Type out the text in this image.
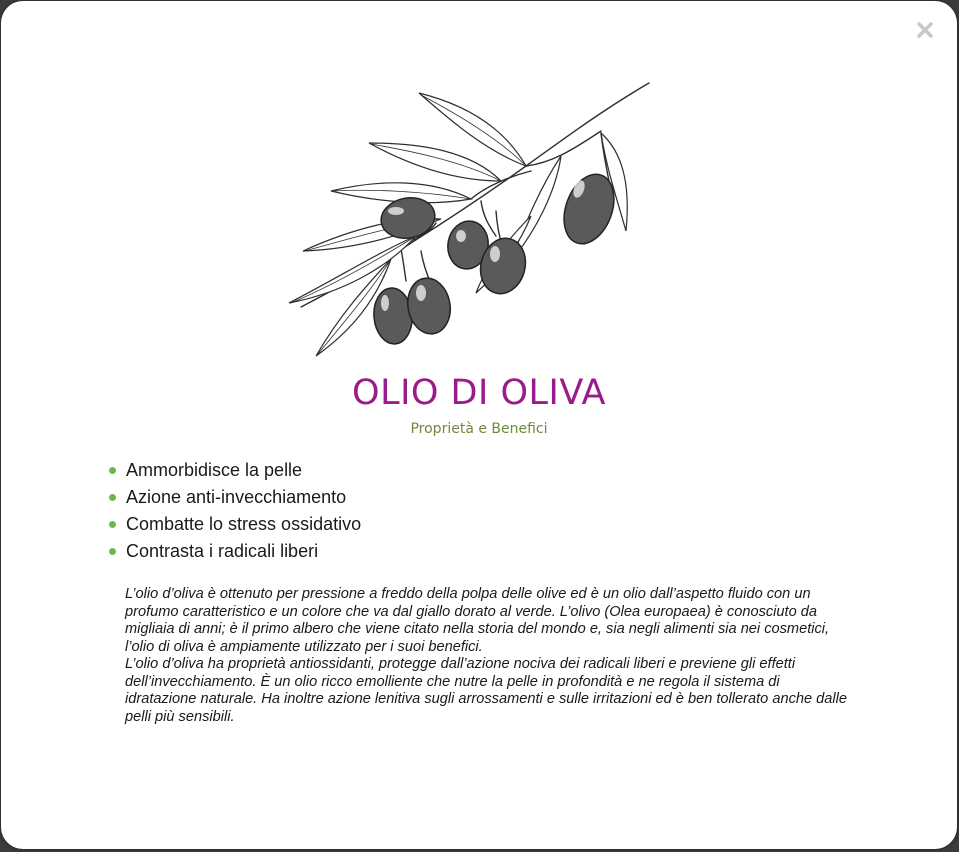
OLIO DI OLIVA
Proprietà e Benefici
Ammorbidisce la pelle
Azione anti-invecchiamento
Combatte lo stress ossidativo
Contrasta i radicali liberi

L’olio d’oliva è ottenuto per pressione a freddo della polpa delle olive ed è un olio dall’aspetto fluido con un profumo caratteristico e un colore che va dal giallo dorato al verde. L’olivo (Olea europaea) è conosciuto da migliaia di anni; è il primo albero che viene citato nella storia del mondo e, sia negli alimenti sia nei cosmetici, l’olio di oliva è ampiamente utilizzato per i suoi benefici.

L’olio d’oliva ha proprietà antiossidanti, protegge dall’azione nociva dei radicali liberi e previene gli effetti dell’invecchiamento. È un olio ricco emolliente che nutre la pelle in profondità e ne regola il sistema di idratazione naturale. Ha inoltre azione lenitiva sugli arrossamenti e sulle irritazioni ed è ben tollerato anche dalle pelli più sensibili.
